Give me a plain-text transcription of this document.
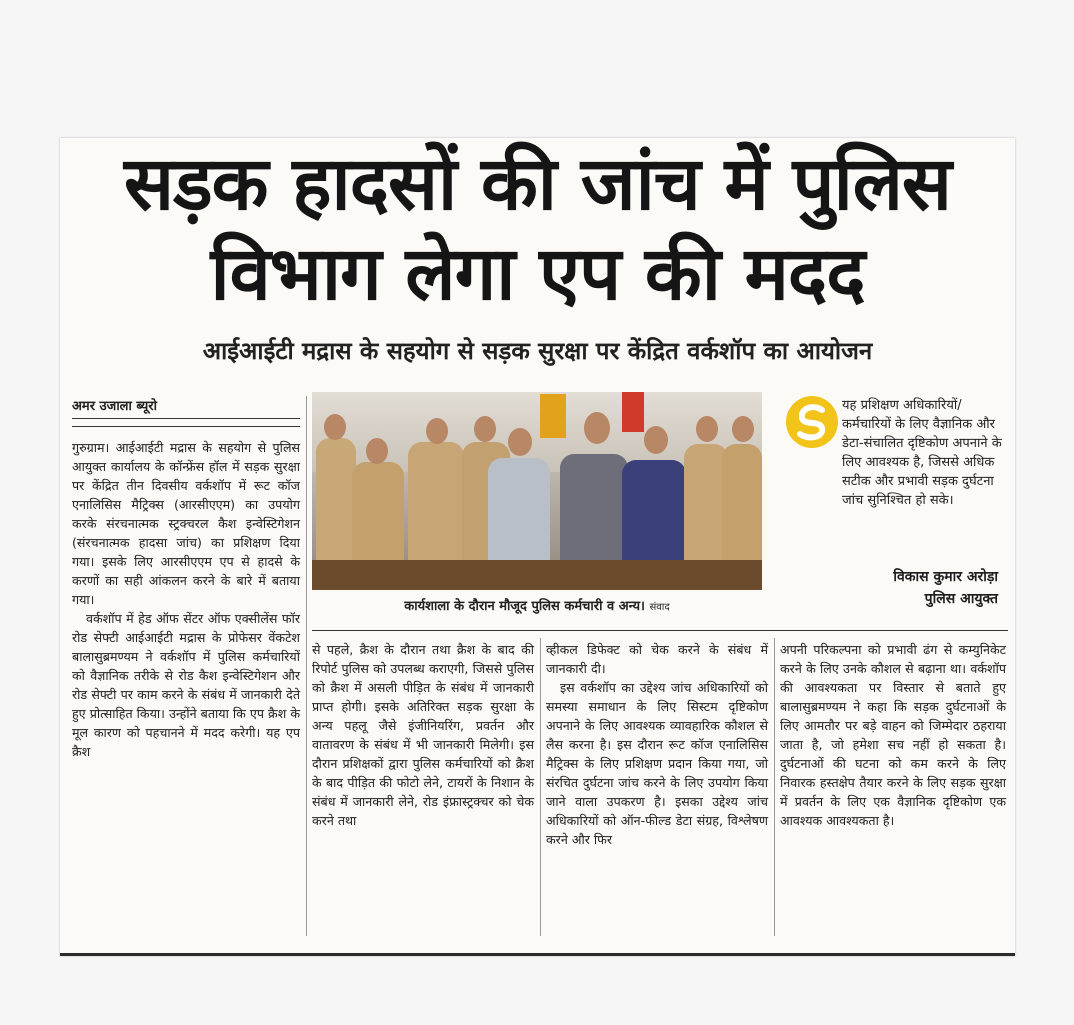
सड़क हादसों की जांच में पुलिस
विभाग लेगा एप की मदद
आईआईटी मद्रास के सहयोग से सड़क सुरक्षा पर केंद्रित वर्कशॉप का आयोजन
अमर उजाला ब्यूरो

गुरुग्राम। आईआईटी मद्रास के सहयोग से पुलिस आयुक्त कार्यालय के कॉन्फ्रेंस हॉल में सड़क सुरक्षा पर केंद्रित तीन दिवसीय वर्कशॉप में रूट कॉज एनालिसिस मैट्रिक्स (आरसीएएम) का उपयोग करके संरचनात्मक स्ट्रक्चरल कैश इन्वेस्टिगेशन (संरचनात्मक हादसा जांच) का प्रशिक्षण दिया गया। इसके लिए आरसीएएम एप से हादसे के करणों का सही आंकलन करने के बारे में बताया गया।

वर्कशॉप में हेड ऑफ सेंटर ऑफ एक्सीलेंस फॉर रोड सेफ्टी आईआईटी मद्रास के प्रोफेसर वेंकटेश बालासुब्रमण्यम ने वर्कशॉप में पुलिस कर्मचारियों को वैज्ञानिक तरीके से रोड कैश इन्वेस्टिगेशन और रोड सेफ्टी पर काम करने के संबंध में जानकारी देते हुए प्रोत्साहित किया। उन्होंने बताया कि एप क्रैश के मूल कारण को पहचानने में मदद करेगी। यह एप क्रैश

कार्यशाला के दौरान मौजूद पुलिस कर्मचारी व अन्य। संवाद
यह प्रशिक्षण अधिकारियों/कर्मचारियों के लिए वैज्ञानिक और डेटा-संचालित दृष्टिकोण अपनाने के लिए आवश्यक है, जिससे अधिक सटीक और प्रभावी सड़क दुर्घटना जांच सुनिश्चित हो सके।
विकास कुमार अरोड़ा
पुलिस आयुक्त

से पहले, क्रैश के दौरान तथा क्रैश के बाद की रिपोर्ट पुलिस को उपलब्ध कराएगी, जिससे पुलिस को क्रैश में असली पीड़ित के संबंध में जानकारी प्राप्त होगी। इसके अतिरिक्त सड़क सुरक्षा के अन्य पहलू जैसे इंजीनियरिंग, प्रवर्तन और वातावरण के संबंध में भी जानकारी मिलेगी। इस दौरान प्रशिक्षकों द्वारा पुलिस कर्मचारियों को क्रैश के बाद पीड़ित की फोटो लेने, टायरों के निशान के संबंध में जानकारी लेने, रोड इंफ्रास्ट्रक्चर को चेक करने तथा

व्हीकल डिफेक्ट को चेक करने के संबंध में जानकारी दी।

इस वर्कशॉप का उद्देश्य जांच अधिकारियों को समस्या समाधान के लिए सिस्टम दृष्टिकोण अपनाने के लिए आवश्यक व्यावहारिक कौशल से लैस करना है। इस दौरान रूट कॉज एनालिसिस मैट्रिक्स के लिए प्रशिक्षण प्रदान किया गया, जो संरचित दुर्घटना जांच करने के लिए उपयोग किया जाने वाला उपकरण है। इसका उद्देश्य जांच अधिकारियों को ऑन-फील्ड डेटा संग्रह, विश्लेषण करने और फिर

अपनी परिकल्पना को प्रभावी ढंग से कम्युनिकेट करने के लिए उनके कौशल से बढ़ाना था। वर्कशॉप की आवश्यकता पर विस्तार से बताते हुए बालासुब्रमण्यम ने कहा कि सड़क दुर्घटनाओं के लिए आमतौर पर बड़े वाहन को जिम्मेदार ठहराया जाता है, जो हमेशा सच नहीं हो सकता है। दुर्घटनाओं की घटना को कम करने के लिए निवारक हस्तक्षेप तैयार करने के लिए सड़क सुरक्षा में प्रवर्तन के लिए एक वैज्ञानिक दृष्टिकोण एक आवश्यक आवश्यकता है।
